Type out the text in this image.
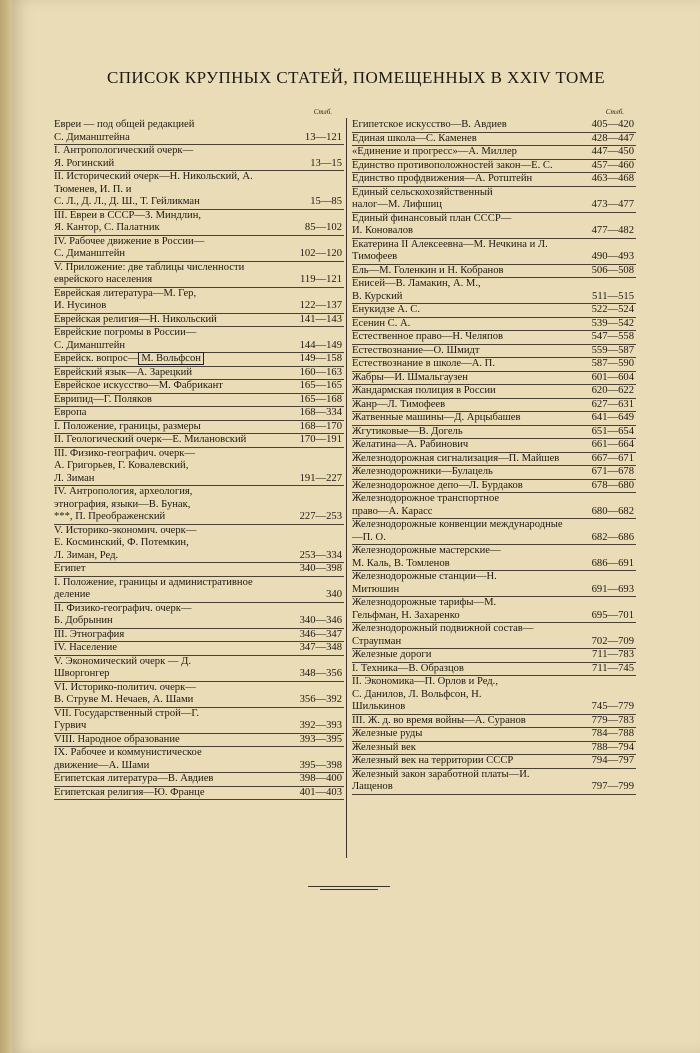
СПИСОК КРУПНЫХ СТАТЕЙ, ПОМЕЩЕННЫХ В XXIV ТОМЕ
Стлб.
Евреи — под общей редакцией
С. Диманштейна	13—121
I. Антропологический очерк—
Я. Рогинский	13—15
II. Исторический очерк—Н. Никольский, А. Тюменев, И. П. и
С. Л., Д. Л., Д. Ш., Т. Гейликман	15—85
III. Евреи в СССР—З. Миндлин,
Я. Кантор, С. Палатник	85—102
IV. Рабочее движение в России—
С. Диманштейн	102—120
V. Приложение: две таблицы численности еврейского населения	119—121
Еврейская литература—М. Гер,
И. Нусинов	122—137
Еврейская религия—Н. Никольский	141—143
Еврейские погромы в России—
С. Диманштейн	144—149
Еврейск. вопрос— М. Вольфсон	149—158
Еврейский язык—А. Зарецкий	160—163
Еврейское искусство—М. Фабрикант	165—165
Еврипид—Г. Поляков	165—168
Европа	168—334
I. Положение, границы, размеры	168—170
II. Геологический очерк—Е. Милановский	170—191
III. Физико-географич. очерк—
А. Григорьев, Г. Ковалевский,
Л. Зиман	191—227
IV. Антропология, археология,
этнография, языки—В. Бунак,
***, П. Преображенский	227—253
V. Историко-экономич. очерк—
Е. Косминский, Ф. Потемкин,
Л. Зиман, Ред.	253—334
Египет	340—398
I. Положение, границы и административное деление	340
II. Физико-географич. очерк—
Б. Добрынин	340—346
III. Этнография	346—347
IV. Население	347—348
V. Экономический очерк — Д.
Шворгонгер	348—356
VI. Историко-политич. очерк—
В. Струве М. Нечаев, А. Шами	356—392
VII. Государственный строй—Г.
Гурвич	392—393
VIII. Народное образование	393—395
IX. Рабочее и коммунистическое
движение—А. Шами	395—398
Египетская литература—В. Авдиев	398—400
Египетская религия—Ю. Франце	401—403
Стлб.
Египетское искусство—В. Авдиев	405—420
Единая школа—С. Каменев	428—447
«Единение и прогресс»—А. Миллер	447—450
Единство противоположностей закон—Е. С.	457—460
Единство профдвижения—А. Ротштейн	463—468
Единый сельскохозяйственный
налог—М. Лифшиц	473—477
Единый финансовый план СССР—
И. Коновалов	477—482
Екатерина II Алексеевна—М. Нечкина и Л. Тимофеев	490—493
Ель—М. Голенкин и Н. Кобранов	506—508
Енисей—В. Ламакин, А. М.,
В. Курский	511—515
Енукидзе А. С.	522—524
Есенин С. А.	539—542
Естественное право—Н. Челяпов	547—558
Естествознание—О. Шмидт	559—587
Естествознание в школе—А. П.	587—590
Жабры—И. Шмальгаузен	601—604
Жандармская полиция в России	620—622
Жанр—Л. Тимофеев	627—631
Жатвенные машины—Д. Арцыбашев	641—649
Жгутиковые—В. Догель	651—654
Желатина—А. Рабинович	661—664
Железнодорожная сигнализация—П. Майшев	667—671
Железнодорожники—Булацель	671—678
Железнодорожное депо—Л. Бурдаков	678—680
Железнодорожное транспортное
право—А. Карасс	680—682
Железнодорожные конвенции международные—П. О.	682—686
Железнодорожные мастерские—
М. Каль, В. Томленов	686—691
Железнодорожные станции—Н.
Митюшин	691—693
Железнодорожные тарифы—М.
Гельфман, Н. Захаренко	695—701
Железнодорожный подвижной состав—Страупман	702—709
Железные дороги	711—783
I. Техника—В. Образцов	711—745
II. Экономика—П. Орлов и Ред.,
С. Данилов, Л. Вольфсон, Н.
Шилькинов	745—779
III. Ж. д. во время войны—А. Суранов	779—783
Железные руды	784—788
Железный век	788—794
Железный век на территории СССР	794—797
Железный закон заработной платы—И. Лащенов	797—799
